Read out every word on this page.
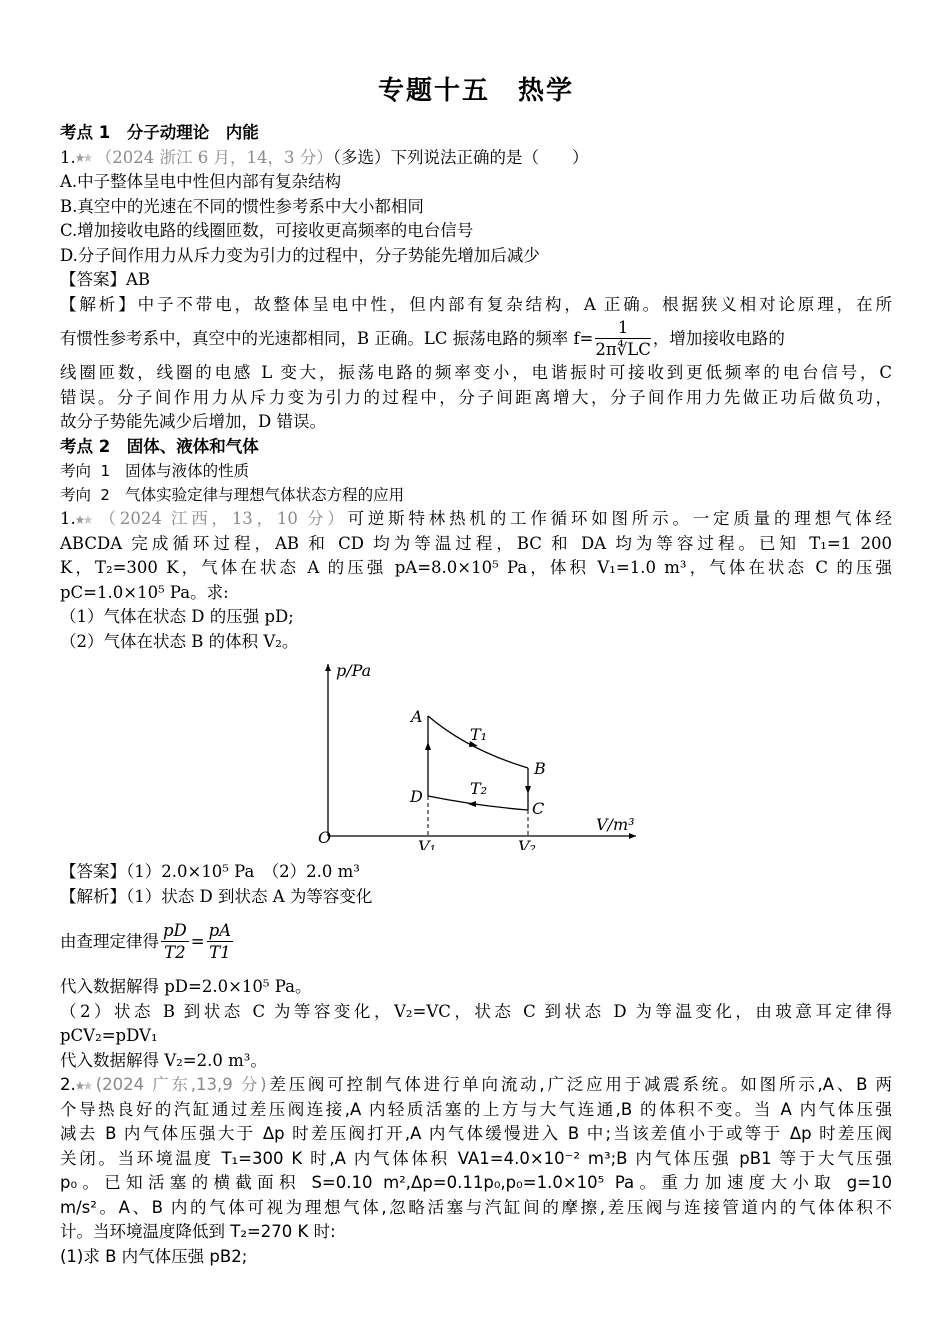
专题十五　热学

考点 1　分子动理论　内能

1. （2024 浙江 6 月，14，3 分）（多选）下列说法正确的是（　　）

A.中子整体呈电中性但内部有复杂结构

B.真空中的光速在不同的惯性参考系中大小都相同

C.增加接收电路的线圈匝数，可接收更高频率的电台信号

D.分子间作用力从斥力变为引力的过程中，分子势能先增加后减少

【答案】AB

【解析】中子不带电，故整体呈电中性，但内部有复杂结构，A 正确。根据狭义相对论原理，在所

有惯性参考系中，真空中的光速都相同，B 正确。LC 振荡电路的频率 $f= \frac{1}{2\pi∜LC}$ ，增加接收电路的

线圈匝数，线圈的电感 L 变大，振荡电路的频率变小，电谐振时可接收到更低频率的电台信号，C

错误。分子间作用力从斥力变为引力的过程中，分子间距离增大，分子间作用力先做正功后做负功，

故分子势能先减少后增加，D 错误。

考点 2　固体、液体和气体

考向 1　固体与液体的性质

考向 2　气体实验定律与理想气体状态方程的应用

1. （2024 江西，13，10 分）可逆斯特林热机的工作循环如图所示。一定质量的理想气体经

ABCDA 完成循环过程，AB 和 CD 均为等温过程，BC 和 DA 均为等容过程。已知 T₁=1 200

K，T₂=300 K，气体在状态 A 的压强 pA=8.0×10⁵ Pa，体积 V₁=1.0 m³，气体在状态 C 的压强

pC=1.0×10⁵ Pa。求:

（1）气体在状态 D 的压强 pD;

（2）气体在状态 B 的体积 V₂。

p/Pa
V/m³
O
A
B
C
D
T₁
T₂
V₁	V₂

【答案】（1）2.0×10⁵ Pa　（2）2.0 m³

【解析】（1）状态 D 到状态 A 为等容变化

由查理定律得 $\frac{pD}{T2} = \frac{pA}{T1}$

代入数据解得 pD=2.0×10⁵ Pa。

（2）状态 B 到状态 C 为等容变化，V₂=VC，状态 C 到状态 D 为等温变化，由玻意耳定律得

pCV₂=pDV₁

代入数据解得 V₂=2.0 m³。

2. (2024 广东,13,9 分)差压阀可控制气体进行单向流动,广泛应用于减震系统。如图所示,A、B 两

个导热良好的汽缸通过差压阀连接,A 内轻质活塞的上方与大气连通,B 的体积不变。当 A 内气体压强

减去 B 内气体压强大于 Δp 时差压阀打开,A 内气体缓慢进入 B 中;当该差值小于或等于 Δp 时差压阀

关闭。当环境温度 T₁=300 K 时,A 内气体体积 VA1=4.0×10⁻² m³;B 内气体压强 pB1 等于大气压强

p₀。已知活塞的横截面积 S=0.10 m²,Δp=0.11p₀,p₀=1.0×10⁵ Pa。重力加速度大小取 g=10

m/s²。A、B 内的气体可视为理想气体,忽略活塞与汽缸间的摩擦,差压阀与连接管道内的气体体积不

计。当环境温度降低到 T₂=270 K 时:

(1)求 B 内气体压强 pB2;
